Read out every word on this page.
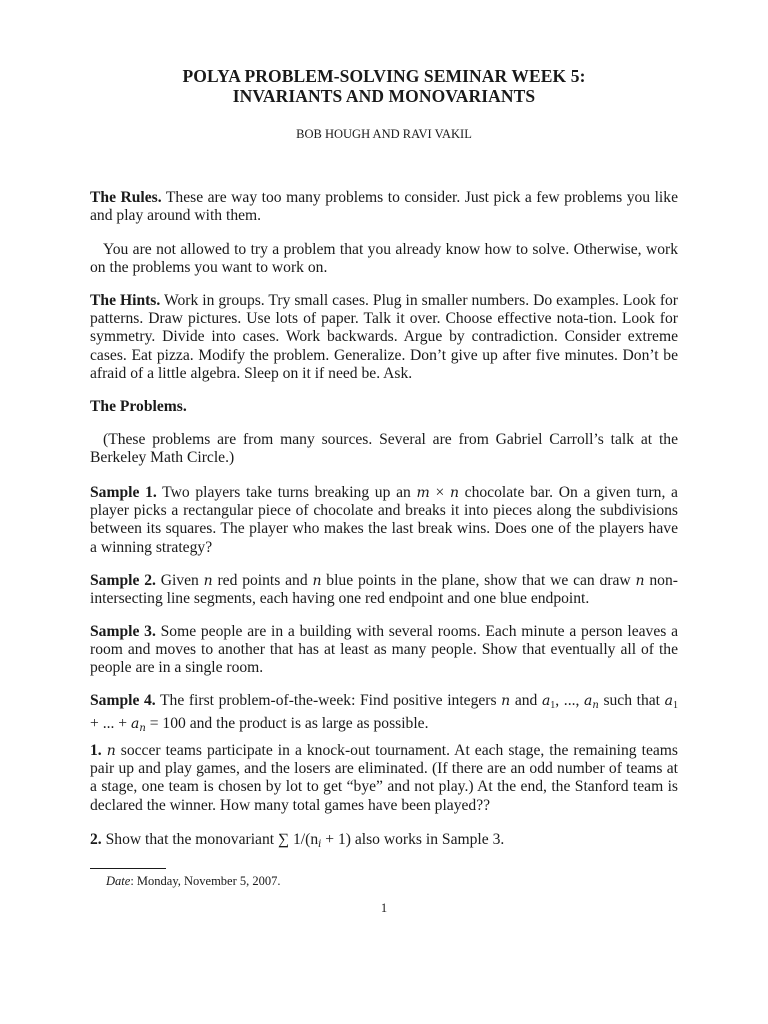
POLYA PROBLEM-SOLVING SEMINAR WEEK 5:
INVARIANTS AND MONOVARIANTS
BOB HOUGH AND RAVI VAKIL

The Rules. These are way too many problems to consider. Just pick a few problems you like and play around with them.

You are not allowed to try a problem that you already know how to solve. Otherwise, work on the problems you want to work on.

The Hints. Work in groups. Try small cases. Plug in smaller numbers. Do examples. Look for patterns. Draw pictures. Use lots of paper. Talk it over. Choose effective nota-tion. Look for symmetry. Divide into cases. Work backwards. Argue by contradiction. Consider extreme cases. Eat pizza. Modify the problem. Generalize. Don’t give up after five minutes. Don’t be afraid of a little algebra. Sleep on it if need be. Ask.

The Problems.

(These problems are from many sources. Several are from Gabriel Carroll’s talk at the Berkeley Math Circle.)

Sample 1. Two players take turns breaking up an m × n chocolate bar. On a given turn, a player picks a rectangular piece of chocolate and breaks it into pieces along the subdivisions between its squares. The player who makes the last break wins. Does one of the players have a winning strategy?

Sample 2. Given n red points and n blue points in the plane, show that we can draw n non-intersecting line segments, each having one red endpoint and one blue endpoint.

Sample 3. Some people are in a building with several rooms. Each minute a person leaves a room and moves to another that has at least as many people. Show that eventually all of the people are in a single room.

Sample 4. The first problem-of-the-week: Find positive integers n and $a_1$, ..., $a_n$ such that $a_1$ + ... + $a_n = 100$ and the product is as large as possible.

1. n soccer teams participate in a knock-out tournament. At each stage, the remaining teams pair up and play games, and the losers are eliminated. (If there are an odd number of teams at a stage, one team is chosen by lot to get “bye” and not play.) At the end, the Stanford team is declared the winner. How many total games have been played??

2. Show that the monovariant ∑ $1/(n_i + 1)$ also works in Sample 3.

Date: Monday, November 5, 2007.
1
